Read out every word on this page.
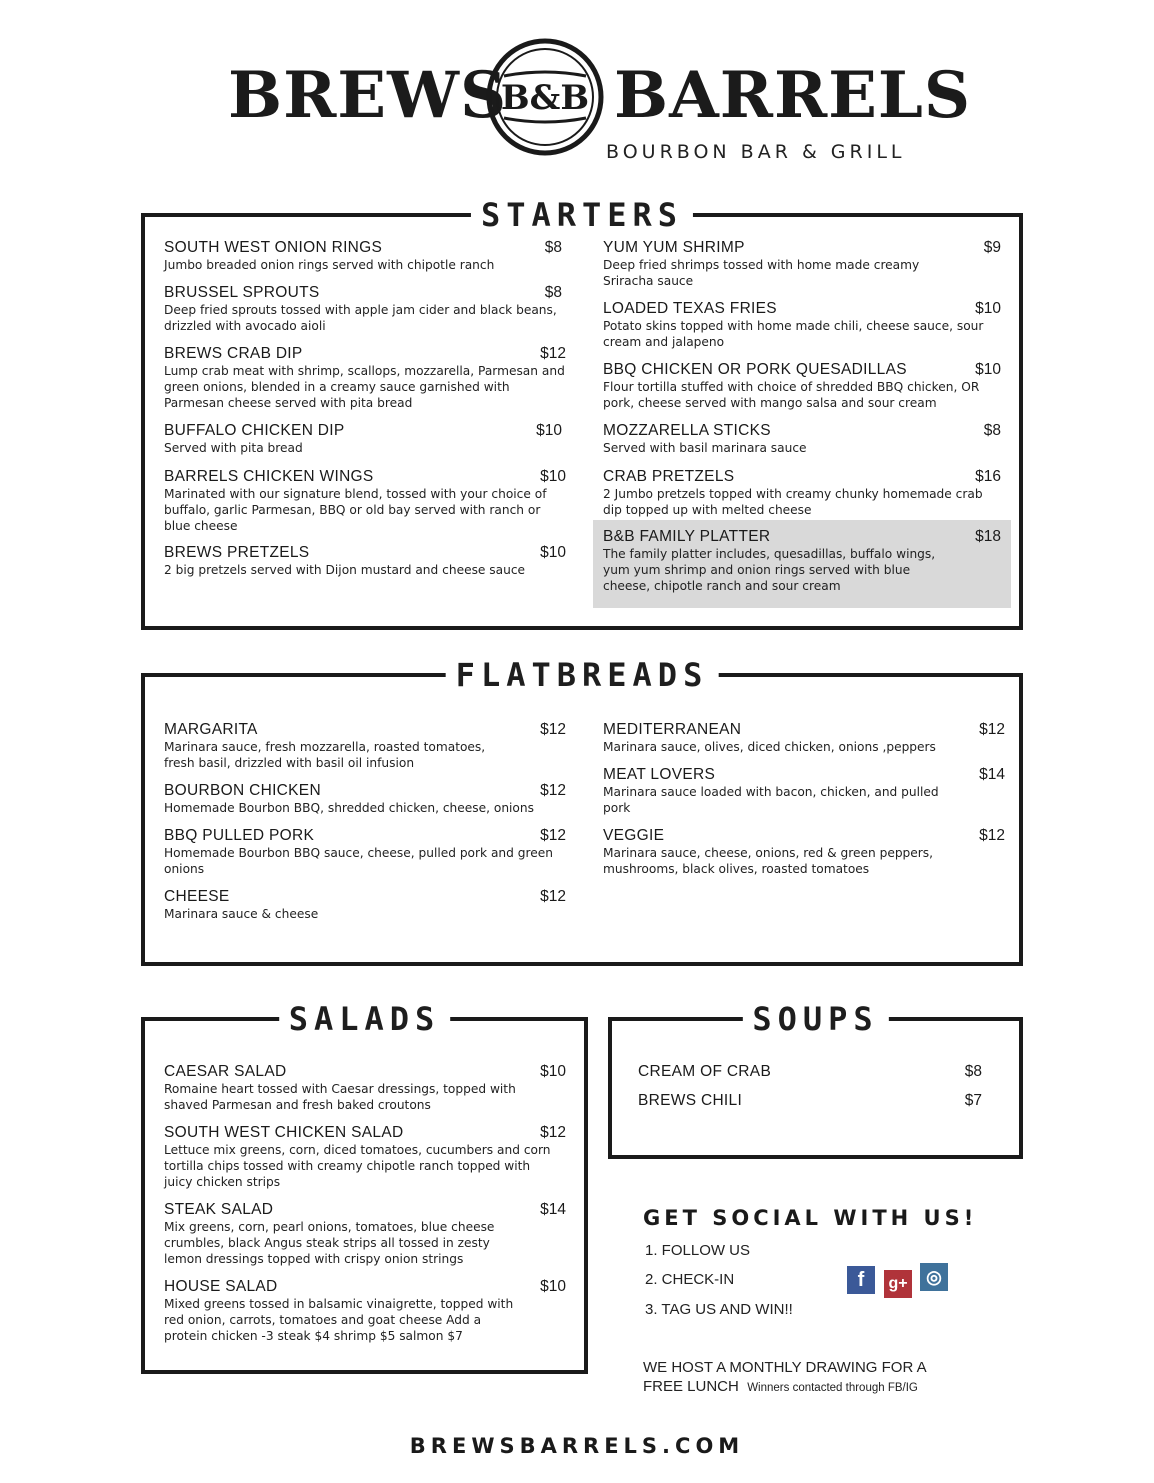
BREWS
B&B BARRELS
BOURBON BAR & GRILL
STARTERS
SOUTH WEST ONION RINGS	$8
Jumbo breaded onion rings served with chipotle ranch
BRUSSEL SPROUTS	$8
Deep fried sprouts tossed with apple jam cider and black beans, drizzled with avocado aioli
BREWS CRAB DIP	$12
Lump crab meat with shrimp, scallops, mozzarella, Parmesan and green onions, blended in a creamy sauce garnished with Parmesan cheese served with pita bread
BUFFALO CHICKEN DIP	$10
Served with pita bread
BARRELS CHICKEN WINGS	$10
Marinated with our signature blend, tossed with your choice of buffalo, garlic Parmesan, BBQ or old bay served with ranch or blue cheese
BREWS PRETZELS	$10
2 big pretzels served with Dijon mustard and cheese sauce
YUM YUM SHRIMP	$9
Deep fried shrimps tossed with home made creamy Sriracha sauce
LOADED TEXAS FRIES	$10
Potato skins topped with home made chili, cheese sauce, sour cream and jalapeno
BBQ CHICKEN OR PORK QUESADILLAS	$10
Flour tortilla stuffed with choice of shredded BBQ chicken, OR pork, cheese served with mango salsa and sour cream
MOZZARELLA STICKS	$8
Served with basil marinara sauce
CRAB PRETZELS	$16
2 Jumbo pretzels topped with creamy chunky homemade crab dip topped up with melted cheese
B&B FAMILY PLATTER	$18
The family platter includes, quesadillas, buffalo wings, yum yum shrimp and onion rings served with blue cheese, chipotle ranch and sour cream
FLATBREADS
MARGARITA	$12
Marinara sauce, fresh mozzarella, roasted tomatoes, fresh basil, drizzled with basil oil infusion
BOURBON CHICKEN	$12
Homemade Bourbon BBQ, shredded chicken, cheese, onions
BBQ PULLED PORK	$12
Homemade Bourbon BBQ sauce, cheese, pulled pork and green onions
CHEESE	$12
Marinara sauce & cheese
MEDITERRANEAN	$12
Marinara sauce, olives, diced chicken, onions ,peppers
MEAT LOVERS	$14
Marinara sauce loaded with bacon, chicken, and pulled pork
VEGGIE	$12
Marinara sauce, cheese, onions, red & green peppers, mushrooms, black olives, roasted tomatoes
SALADS
CAESAR SALAD	$10
Romaine heart tossed with Caesar dressings, topped with shaved Parmesan and fresh baked croutons
SOUTH WEST CHICKEN SALAD	$12
Lettuce mix greens, corn, diced tomatoes, cucumbers and corn tortilla chips tossed with creamy chipotle ranch topped with juicy chicken strips
STEAK SALAD	$14
Mix greens, corn, pearl onions, tomatoes, blue cheese crumbles, black Angus steak strips all tossed in zesty lemon dressings topped with crispy onion strings
HOUSE SALAD	$10
Mixed greens tossed in balsamic vinaigrette, topped with red onion, carrots, tomatoes and goat cheese Add a protein chicken -3 steak $4 shrimp $5 salmon $7
SOUPS
CREAM OF CRAB	$8
BREWS CHILI	$7
GET SOCIAL WITH US!
1. FOLLOW US
2. CHECK-IN
3. TAG US AND WIN!!
f	g+	◎
WE HOST A MONTHLY DRAWING FOR A
FREE LUNCH Winners contacted through FB/IG
BREWSBARRELS.COM
